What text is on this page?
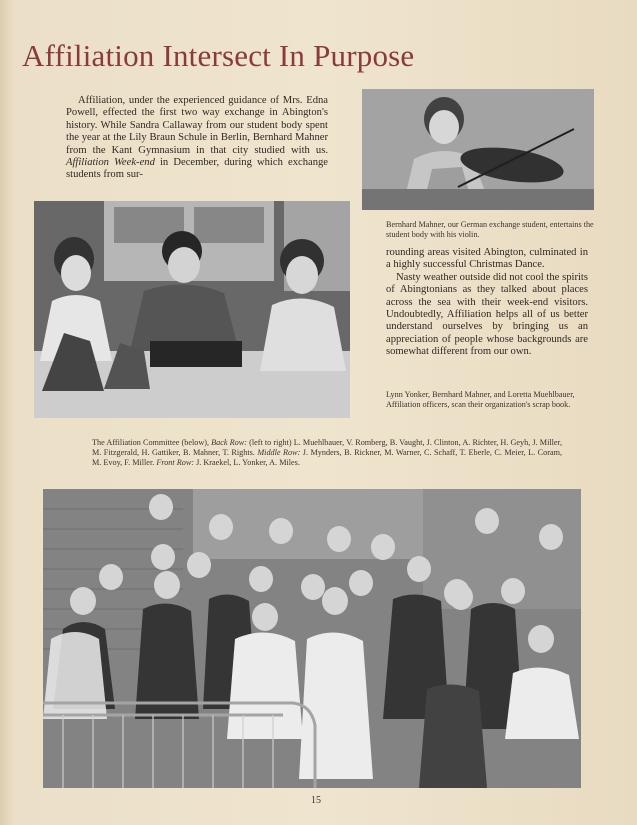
Affiliation Intersect In Purpose
Affiliation, under the experienced guidance of Mrs. Edna Powell, effected the first two way exchange in Abington's history. While Sandra Callaway from our student body spent the year at the Lily Braun Schule in Berlin, Bernhard Mahner from the Kant Gymnasium in that city studied with us. Affiliation Week-end in December, during which exchange students from sur-
Bernhard Mahner, our German exchange student, entertains the student body with his violin.

rounding areas visited Abington, culminated in a highly successful Christmas Dance.

Nasty weather outside did not cool the spirits of Abingtonians as they talked about places across the sea with their week-end visitors. Undoubtedly, Affiliation helps all of us better understand ourselves by bringing us an appreciation of people whose backgrounds are somewhat different from our own.

Lynn Yonker, Bernhard Mahner, and Loretta Muehlbauer, Affiliation officers, scan their organization's scrap book.
The Affiliation Committee (below), Back Row: (left to right) L. Muehlbauer, V. Romberg, B. Vaught, J. Clinton, A. Richter, H. Geyh, J. Miller, M. Fitzgerald, H. Gattiker, B. Mahner, T. Rights. Middle Row: J. Mynders, B. Rickner, M. Warner, C. Schaff, T. Eberle, C. Meier, L. Coram, M. Evoy, F. Miller. Front Row: J. Kraekel, L. Yonker, A. Miles.
15
